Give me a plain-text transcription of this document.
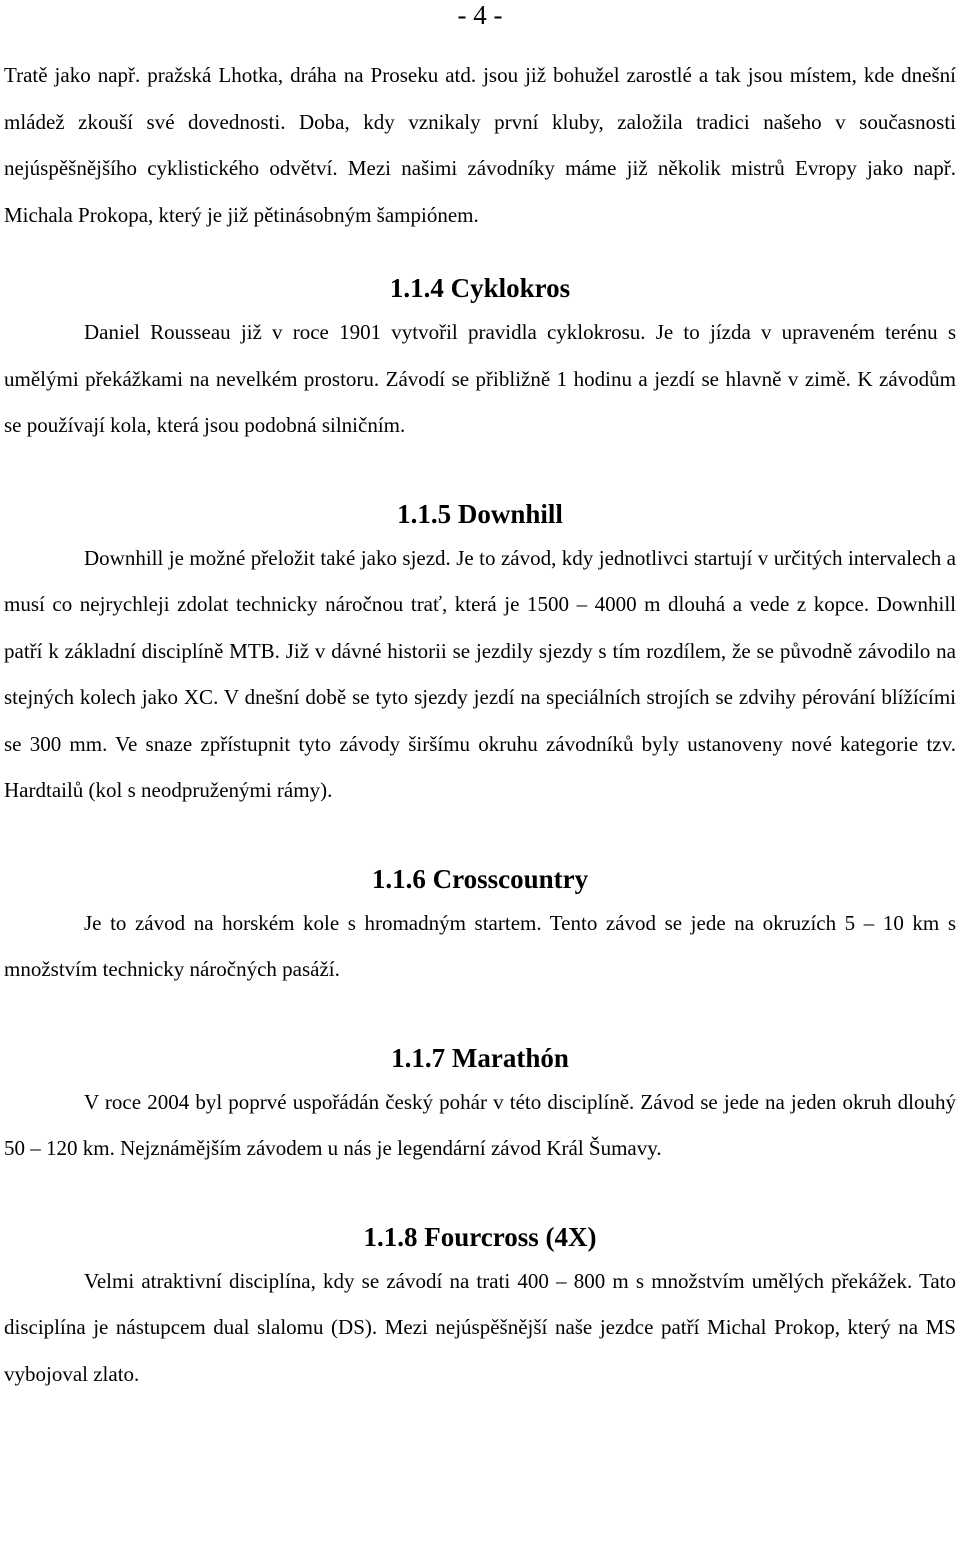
- 4 -

Tratě jako např. pražská Lhotka, dráha na Proseku atd. jsou již bohužel zarostlé a tak jsou místem, kde dnešní mládež zkouší své dovednosti. Doba, kdy vznikaly první kluby, založila tradici našeho v současnosti nejúspěšnějšího cyklistického odvětví. Mezi našimi závodníky máme již několik mistrů Evropy jako např. Michala Prokopa, který je již pětinásobným šampiónem.

1.1.4 Cyklokros

Daniel Rousseau již v roce 1901 vytvořil pravidla cyklokrosu. Je to jízda v upraveném terénu s umělými překážkami na nevelkém prostoru. Závodí se přibližně 1 hodinu a jezdí se hlavně v zimě. K závodům se používají kola, která jsou podobná silničním.

1.1.5 Downhill

Downhill je možné přeložit také jako sjezd. Je to závod, kdy jednotlivci startují v určitých intervalech a musí co nejrychleji zdolat technicky náročnou trať, která je 1500 – 4000 m dlouhá a vede z kopce. Downhill patří k základní disciplíně MTB. Již v dávné historii se jezdily sjezdy s tím rozdílem, že se původně závodilo na stejných kolech jako XC. V dnešní době se tyto sjezdy jezdí na speciálních strojích se zdvihy pérování blížícími se 300 mm. Ve snaze zpřístupnit tyto závody širšímu okruhu závodníků byly ustanoveny nové kategorie tzv. Hardtailů (kol s neodpruženými rámy).

1.1.6 Crosscountry

Je to závod na horském kole s hromadným startem. Tento závod se jede na okruzích 5 – 10 km s množstvím technicky náročných pasáží.

1.1.7 Marathón

V roce 2004 byl poprvé uspořádán český pohár v této disciplíně. Závod se jede na jeden okruh dlouhý 50 – 120 km. Nejznámějším závodem u nás je legendární závod Král Šumavy.

1.1.8 Fourcross (4X)

Velmi atraktivní disciplína, kdy se závodí na trati 400 – 800 m s množstvím umělých překážek. Tato disciplína je nástupcem dual slalomu (DS). Mezi nejúspěšnější naše jezdce patří Michal Prokop, který na MS vybojoval zlato.
